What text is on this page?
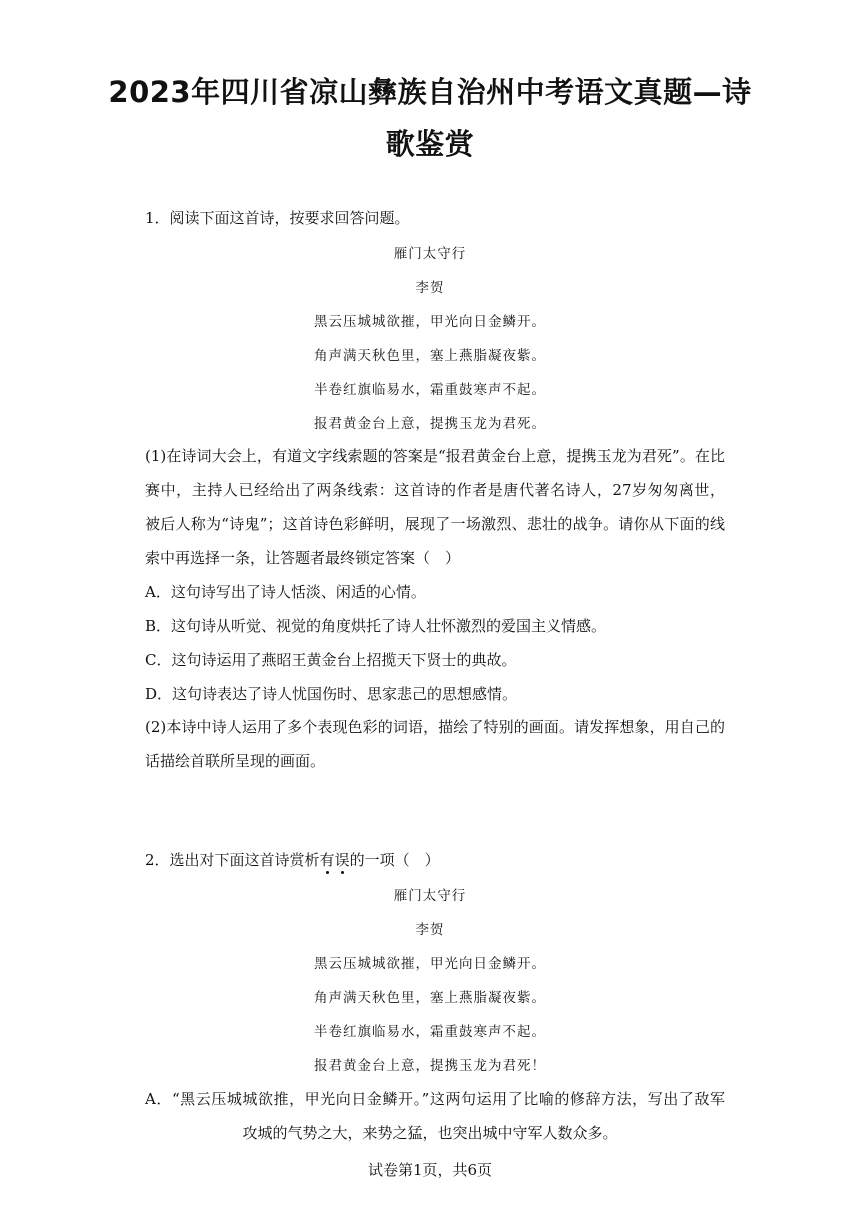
2023年四川省凉山彝族自治州中考语文真题—诗
歌鉴赏
1．阅读下面这首诗，按要求回答问题。
雁门太守行
李贺
黑云压城城欲摧，甲光向日金鳞开。
角声满天秋色里，塞上燕脂凝夜紫。
半卷红旗临易水，霜重鼓寒声不起。
报君黄金台上意，提携玉龙为君死。
(1)在诗词大会上，有道文字线索题的答案是“报君黄金台上意，提携玉龙为君死”。在比
赛中，主持人已经给出了两条线索：这首诗的作者是唐代著名诗人，27岁匆匆离世，
被后人称为“诗鬼”；这首诗色彩鲜明，展现了一场激烈、悲壮的战争。请你从下面的线
索中再选择一条，让答题者最终锁定答案（　）
A．这句诗写出了诗人恬淡、闲适的心情。
B．这句诗从听觉、视觉的角度烘托了诗人壮怀激烈的爱国主义情感。
C．这句诗运用了燕昭王黄金台上招揽天下贤士的典故。
D．这句诗表达了诗人忧国伤时、思家悲己的思想感情。
(2)本诗中诗人运用了多个表现色彩的词语，描绘了特别的画面。请发挥想象，用自己的
话描绘首联所呈现的画面。
2．选出对下面这首诗赏析有误的一项（　）
雁门太守行
李贺
黑云压城城欲摧，甲光向日金鳞开。
角声满天秋色里，塞上燕脂凝夜紫。
半卷红旗临易水，霜重鼓寒声不起。
报君黄金台上意，提携玉龙为君死！
A．“黑云压城城欲推，甲光向日金鳞开。”这两句运用了比喻的修辞方法，写出了敌军
攻城的气势之大，来势之猛，也突出城中守军人数众多。
试卷第1页，共6页
